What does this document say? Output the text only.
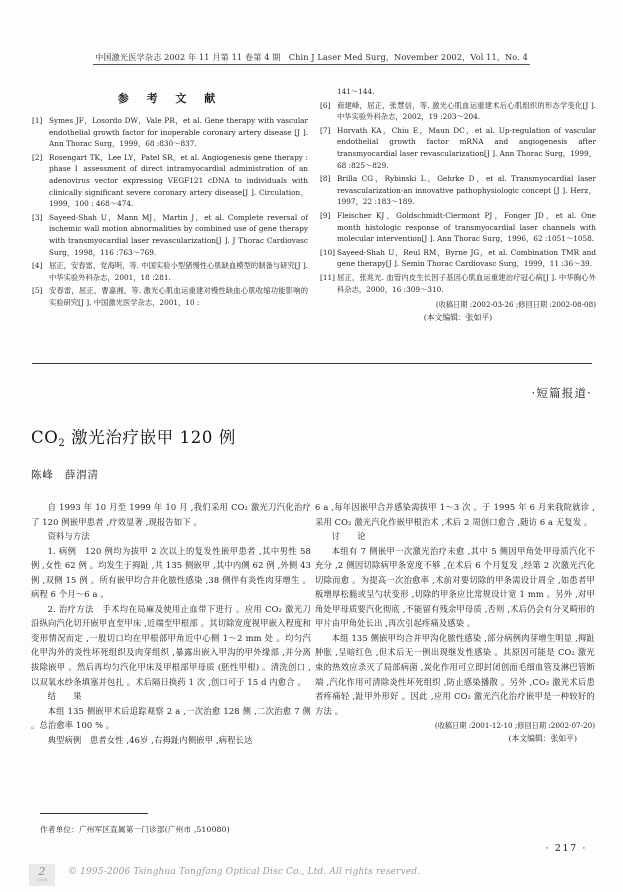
中国激光医学杂志 2002 年 11 月第 11 卷第 4 期　Chin J Laser Med Surg，November 2002，Vol 11，No. 4
参 考 文 献
[1] Symes JF，Losordo DW，Vale PR，et al. Gene therapy with vascular endothelial growth factor for inoperable coronary artery disease [J ]. Ann Thorac Surg，1999，68 :830～837.
[2] Rosengart TK，Lee LY，Patel SR，et al. Angiogenesis gene therapy : phase Ⅰ assessment of direct intramyocardial administration of an adenovirus vector expressing VEGF121 cDNA to individuals with clinically significant severe coronary artery disease[J ]. Circulation，1999，100 : 468～474.
[3] Sayeed-Shah U，Mann MJ，Martin J，et al. Complete reversal of ischemic wall motion abnormalities by combined use of gene therapy with transmyocardial laser revascularization[J ]. J Thorac Cardiovasc Surg，1998，116 :763～769.
[4] 屈正，安春雷，党海明，等. 中国实验小型猪慢性心肌缺血模型的制备与研究[J ]. 中华实验外科杂志，2001，18 :281.
[5] 安春雷，屈正，曹嘉湘，等. 激光心肌血运重建对慢性缺血心肌收缩功能影响的实验研究[J ]. 中国激光医学杂志，2001，10 :
141～144.
[6] 商建峰，屈正，张慧信，等. 激光心肌血运重建术后心肌组织的形态学变化[J ]. 中华实验外科杂志，2002，19 :203～204.
[7] Horvath KA，Chiu E，Maun DC，et al. Up-regulation of vascular endothelial growth factor mRNA and angiogenesis after transmyocardial laser revascularization[J ]. Ann Thorac Surg，1999，68 :825～829.
[8] Brilla CG，Rybinski L，Gehrke D，et al. Transmyocardial laser revascularization-an innovative pathophysiologic concept [J ]. Herz，1997，22 :183～189.
[9] Fleischer KJ，Goldschmidt-Clermont PJ，Fonger JD，et al. One month histologic response of transmyocardial laser channels with molecular intervention[J ]. Ann Thorac Surg，1996，62 :1051～1058.
[10] Sayeed-Shah U，Reul RM，Byrne JG，et al. Combination TMR and gene therapy[J ]. Semin Thorac Cardiovasc Surg，1999，11 :36～39.
[11] 屈正，张兆光. 血管内皮生长因子基因心肌血运重建治疗冠心病[J ]. 中华胸心外科杂志，2000，16 :309～310.
(收稿日期 :2002-03-26 ;修回日期 :2002-08-08)
(本文编辑：张如平)
·短篇报道·
$CO_2$ 激光治疗嵌甲 120 例
陈峰　薛渭清

自 1993 年 10 月至 1999 年 10 月 ,我们采用 CO₂ 激光刀汽化治疗了 120 例嵌甲患者 ,疗效显著 ,现报告如下 。

资料与方法

1. 病例　120 例均为拔甲 2 次以上的复发性嵌甲患者 ,其中男性 58 例 ,女性 62 例 。均发生于拇趾 ,共 135 侧嵌甲 ,其中内侧 62 例 ,外侧 43 例 ,双侧 15 例 。所有嵌甲均合并化脓性感染 ,38 侧伴有炎性肉芽增生 。病程 6 个月～6 a 。

2. 治疗方法　手术均在局麻及使用止血带下进行 。应用 CO₂ 激光刀沿纵向汽化切开嵌甲直至甲床 ,近端至甲根部 。其切除宽度视甲嵌入程度和变形情况而定 ,一般切口均在甲根部甲角近中心侧 1～2 mm 处 。均匀汽化甲沟外的炎性坏死组织及肉芽组织 ,暴露出嵌入甲沟的甲外缘部 ,并分离拔除嵌甲 。然后再均匀汽化甲床及甲根部甲母质 (胚性甲根) 。清洗创口 ,以双氧水纱条填塞并包扎 。术后隔日换药 1 次 ,创口可于 15 d 内愈合 。

结　果

本组 135 侧嵌甲术后追踪观察 2 a ,一次治愈 128 侧 ,二次治愈 7 侧 。总治愈率 100 % 。

典型病例　患者女性 ,46岁 ,右拇趾内侧嵌甲 ,病程长达

6 a ,每年因嵌甲合并感染需拔甲 1～3 次 。于 1995 年 6 月来我院就诊 ,采用 CO₂ 激光汽化作嵌甲根治术 ,术后 2 周创口愈合 ,随访 6 a 无复发 。

讨　论

本组有 7 侧嵌甲一次激光治疗未愈 ,其中 5 侧因甲角处甲母质汽化不充分 ,2 侧因切除病甲条宽度不够 ,在术后 6 个月复发 ,经第 2 次激光汽化切除而愈 。为提高一次治愈率 ,术前对要切除的甲条需设计周全 ,如患者甲板增厚松脆或呈勺状变形 ,切除的甲条应比常规设计宽 1 mm 。另外 ,对甲角处甲母质要汽化彻底 ,不能留有残余甲母质 ,否则 ,术后仍会有分叉畸形的甲片由甲角处长出 ,再次引起疼痛及感染 。

本组 135 侧嵌甲均合并甲沟化脓性感染 ,部分病例肉芽增生明显 ,拇趾肿胀 ,呈暗红色 ,但术后无一例出现继发性感染 。其原因可能是 CO₂ 激光束的热效应杀灭了局部病菌 ,炭化作用可立即封闭创面毛细血管及淋巴管断端 ,汽化作用可清除炎性坏死组织 ,防止感染播散 。另外 ,CO₂ 激光术后患者疼痛轻 ,趾甲外形好 。因此 ,应用 CO₂ 激光汽化治疗嵌甲是一种较好的方法 。

(收稿日期 :2001-12-10 ;修回日期 :2002-07-20)
(本文编辑：张如平)
作者单位：广州军区直属第一门诊部(广州市 ,510080)
· 217 ·
2
中国知网
© 1995-2006 Tsinghua Tongfang Optical Disc Co., Ltd. All rights reserved.
